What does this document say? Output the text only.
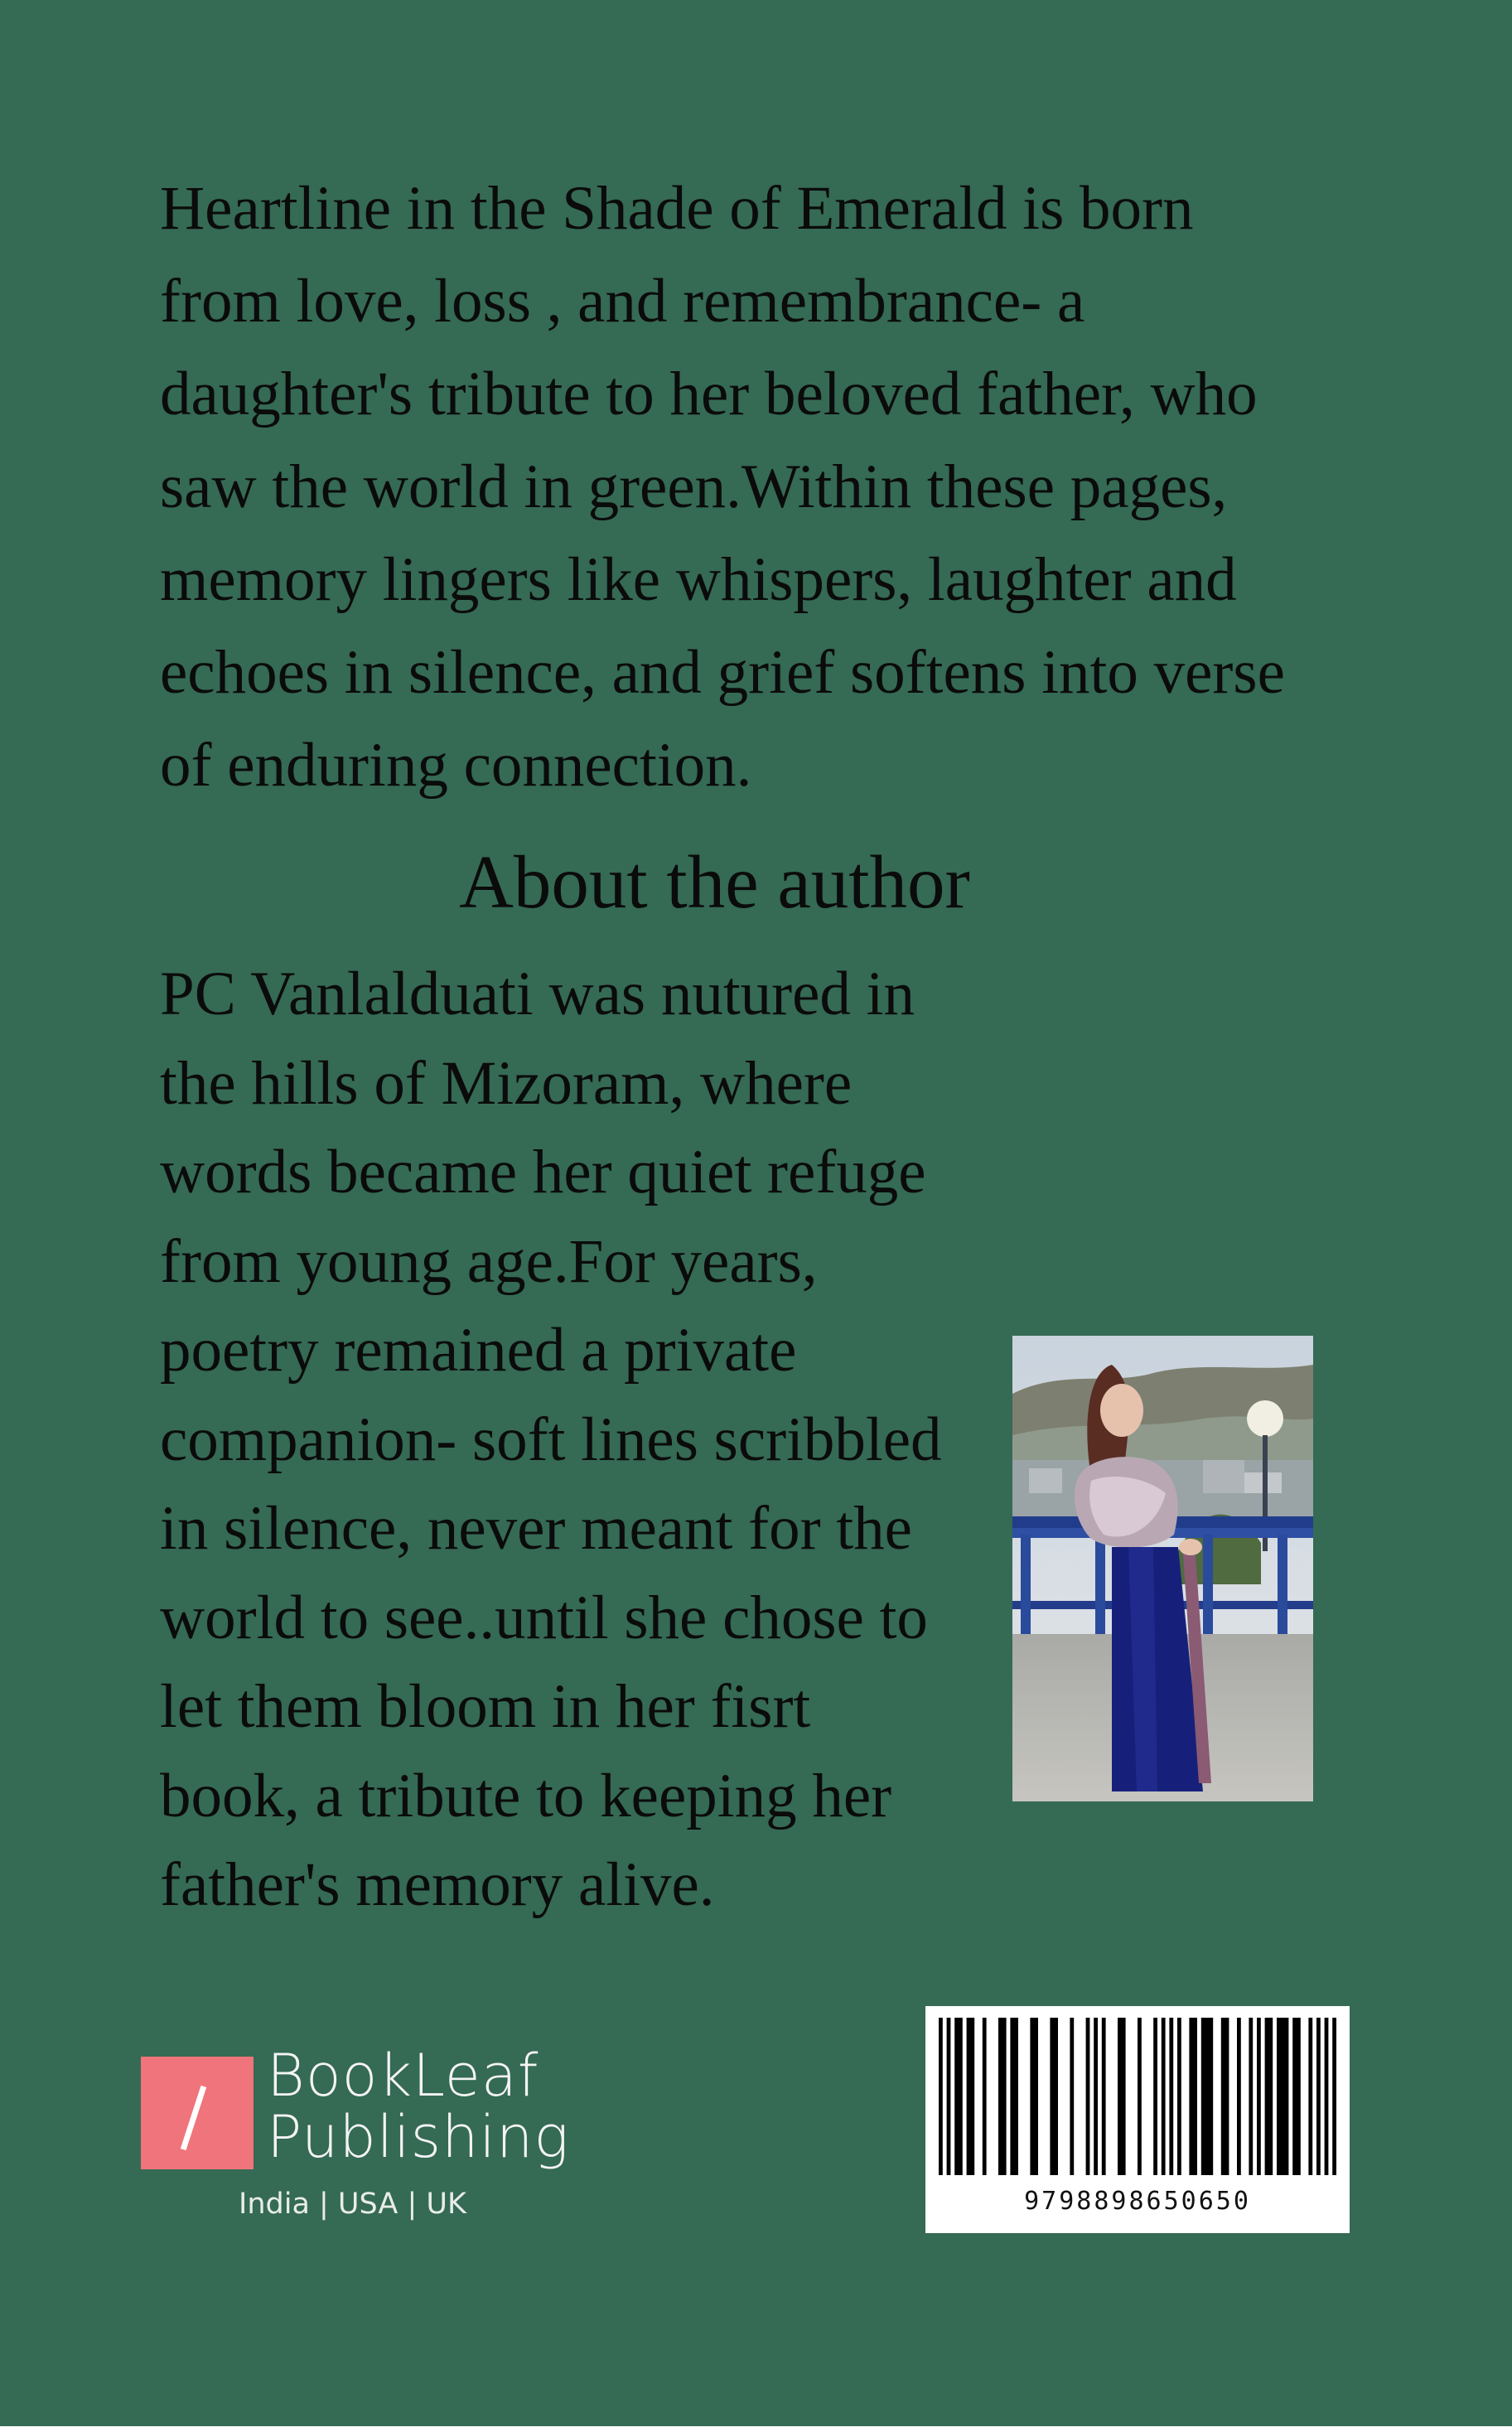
Heartline in the Shade of Emerald is born
from love, loss , and remembrance- a
daughter's tribute to her beloved father, who
saw the world in green.Within these pages,
memory lingers like whispers, laughter and
echoes in silence, and grief softens into verse
of enduring connection.
About the author
PC Vanlalduati was nutured in
the hills of Mizoram, where
words became her quiet refuge
from young age.For years,
poetry remained a private
companion- soft lines scribbled
in silence, never meant for the
world to see..until she chose to
let them bloom in her fisrt
book, a tribute to keeping her
father's memory alive.
BookLeaf
Publishing
India | USA | UK	9798898650650
